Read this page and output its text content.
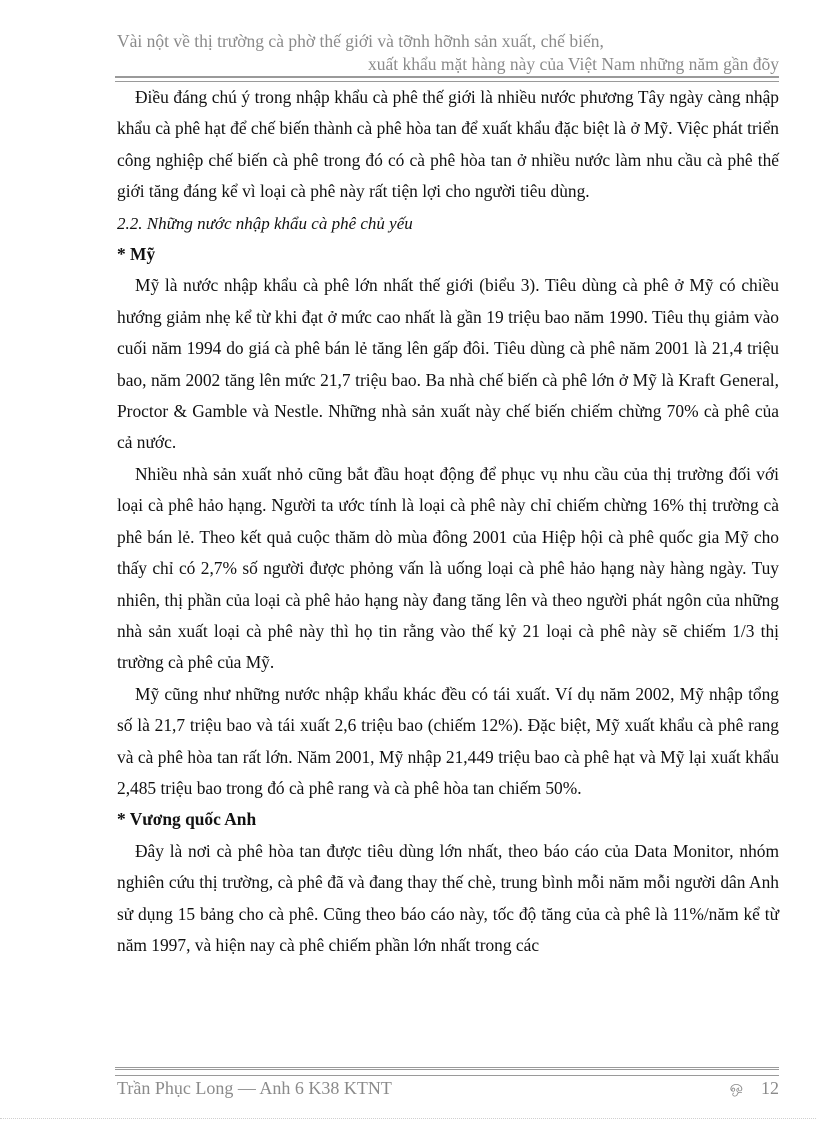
Vài nột về thị trường cà phờ thế giới và tỡnh hỡnh sản xuất, chế biến,
xuất khẩu mặt hàng này của Việt Nam những năm gần đõy

Điều đáng chú ý trong nhập khẩu cà phê thế giới là nhiều nước phương Tây ngày càng nhập khẩu cà phê hạt để chế biến thành cà phê hòa tan để xuất khẩu đặc biệt là ở Mỹ. Việc phát triển công nghiệp chế biến cà phê trong đó có cà phê hòa tan ở nhiều nước làm nhu cầu cà phê thế giới tăng đáng kể vì loại cà phê này rất tiện lợi cho người tiêu dùng.

2.2. Những nước nhập khẩu cà phê chủ yếu
* Mỹ

Mỹ là nước nhập khẩu cà phê lớn nhất thế giới (biểu 3). Tiêu dùng cà phê ở Mỹ có chiều hướng giảm nhẹ kể từ khi đạt ở mức cao nhất là gần 19 triệu bao năm 1990. Tiêu thụ giảm vào cuối năm 1994 do giá cà phê bán lẻ tăng lên gấp đôi. Tiêu dùng cà phê năm 2001 là 21,4 triệu bao, năm 2002 tăng lên mức 21,7 triệu bao. Ba nhà chế biến cà phê lớn ở Mỹ là Kraft General, Proctor & Gamble và Nestle. Những nhà sản xuất này chế biến chiếm chừng 70% cà phê của cả nước.

Nhiều nhà sản xuất nhỏ cũng bắt đầu hoạt động để phục vụ nhu cầu của thị trường đối với loại cà phê hảo hạng. Người ta ước tính là loại cà phê này chỉ chiếm chừng 16% thị trường cà phê bán lẻ. Theo kết quả cuộc thăm dò mùa đông 2001 của Hiệp hội cà phê quốc gia Mỹ cho thấy chỉ có 2,7% số người được phỏng vấn là uống loại cà phê hảo hạng này hàng ngày. Tuy nhiên, thị phần của loại cà phê hảo hạng này đang tăng lên và theo người phát ngôn của những nhà sản xuất loại cà phê này thì họ tin rằng vào thế kỷ 21 loại cà phê này sẽ chiếm 1/3 thị trường cà phê của Mỹ.

Mỹ cũng như những nước nhập khẩu khác đều có tái xuất. Ví dụ năm 2002, Mỹ nhập tổng số là 21,7 triệu bao và tái xuất 2,6 triệu bao (chiếm 12%). Đặc biệt, Mỹ xuất khẩu cà phê rang và cà phê hòa tan rất lớn. Năm 2001, Mỹ nhập 21,449 triệu bao cà phê hạt và Mỹ lại xuất khẩu 2,485 triệu bao trong đó cà phê rang và cà phê hòa tan chiếm 50%.

* Vương quốc Anh

Đây là nơi cà phê hòa tan được tiêu dùng lớn nhất, theo báo cáo của Data Monitor, nhóm nghiên cứu thị trường, cà phê đã và đang thay thế chè, trung bình mỗi năm mỗi người dân Anh sử dụng 15 bảng cho cà phê. Cũng theo báo cáo này, tốc độ tăng của cà phê là 11%/năm kể từ năm 1997, và hiện nay cà phê chiếm phần lớn nhất trong các

Trần Phục Long — Anh 6 K38 KTNT	ஒ 12
